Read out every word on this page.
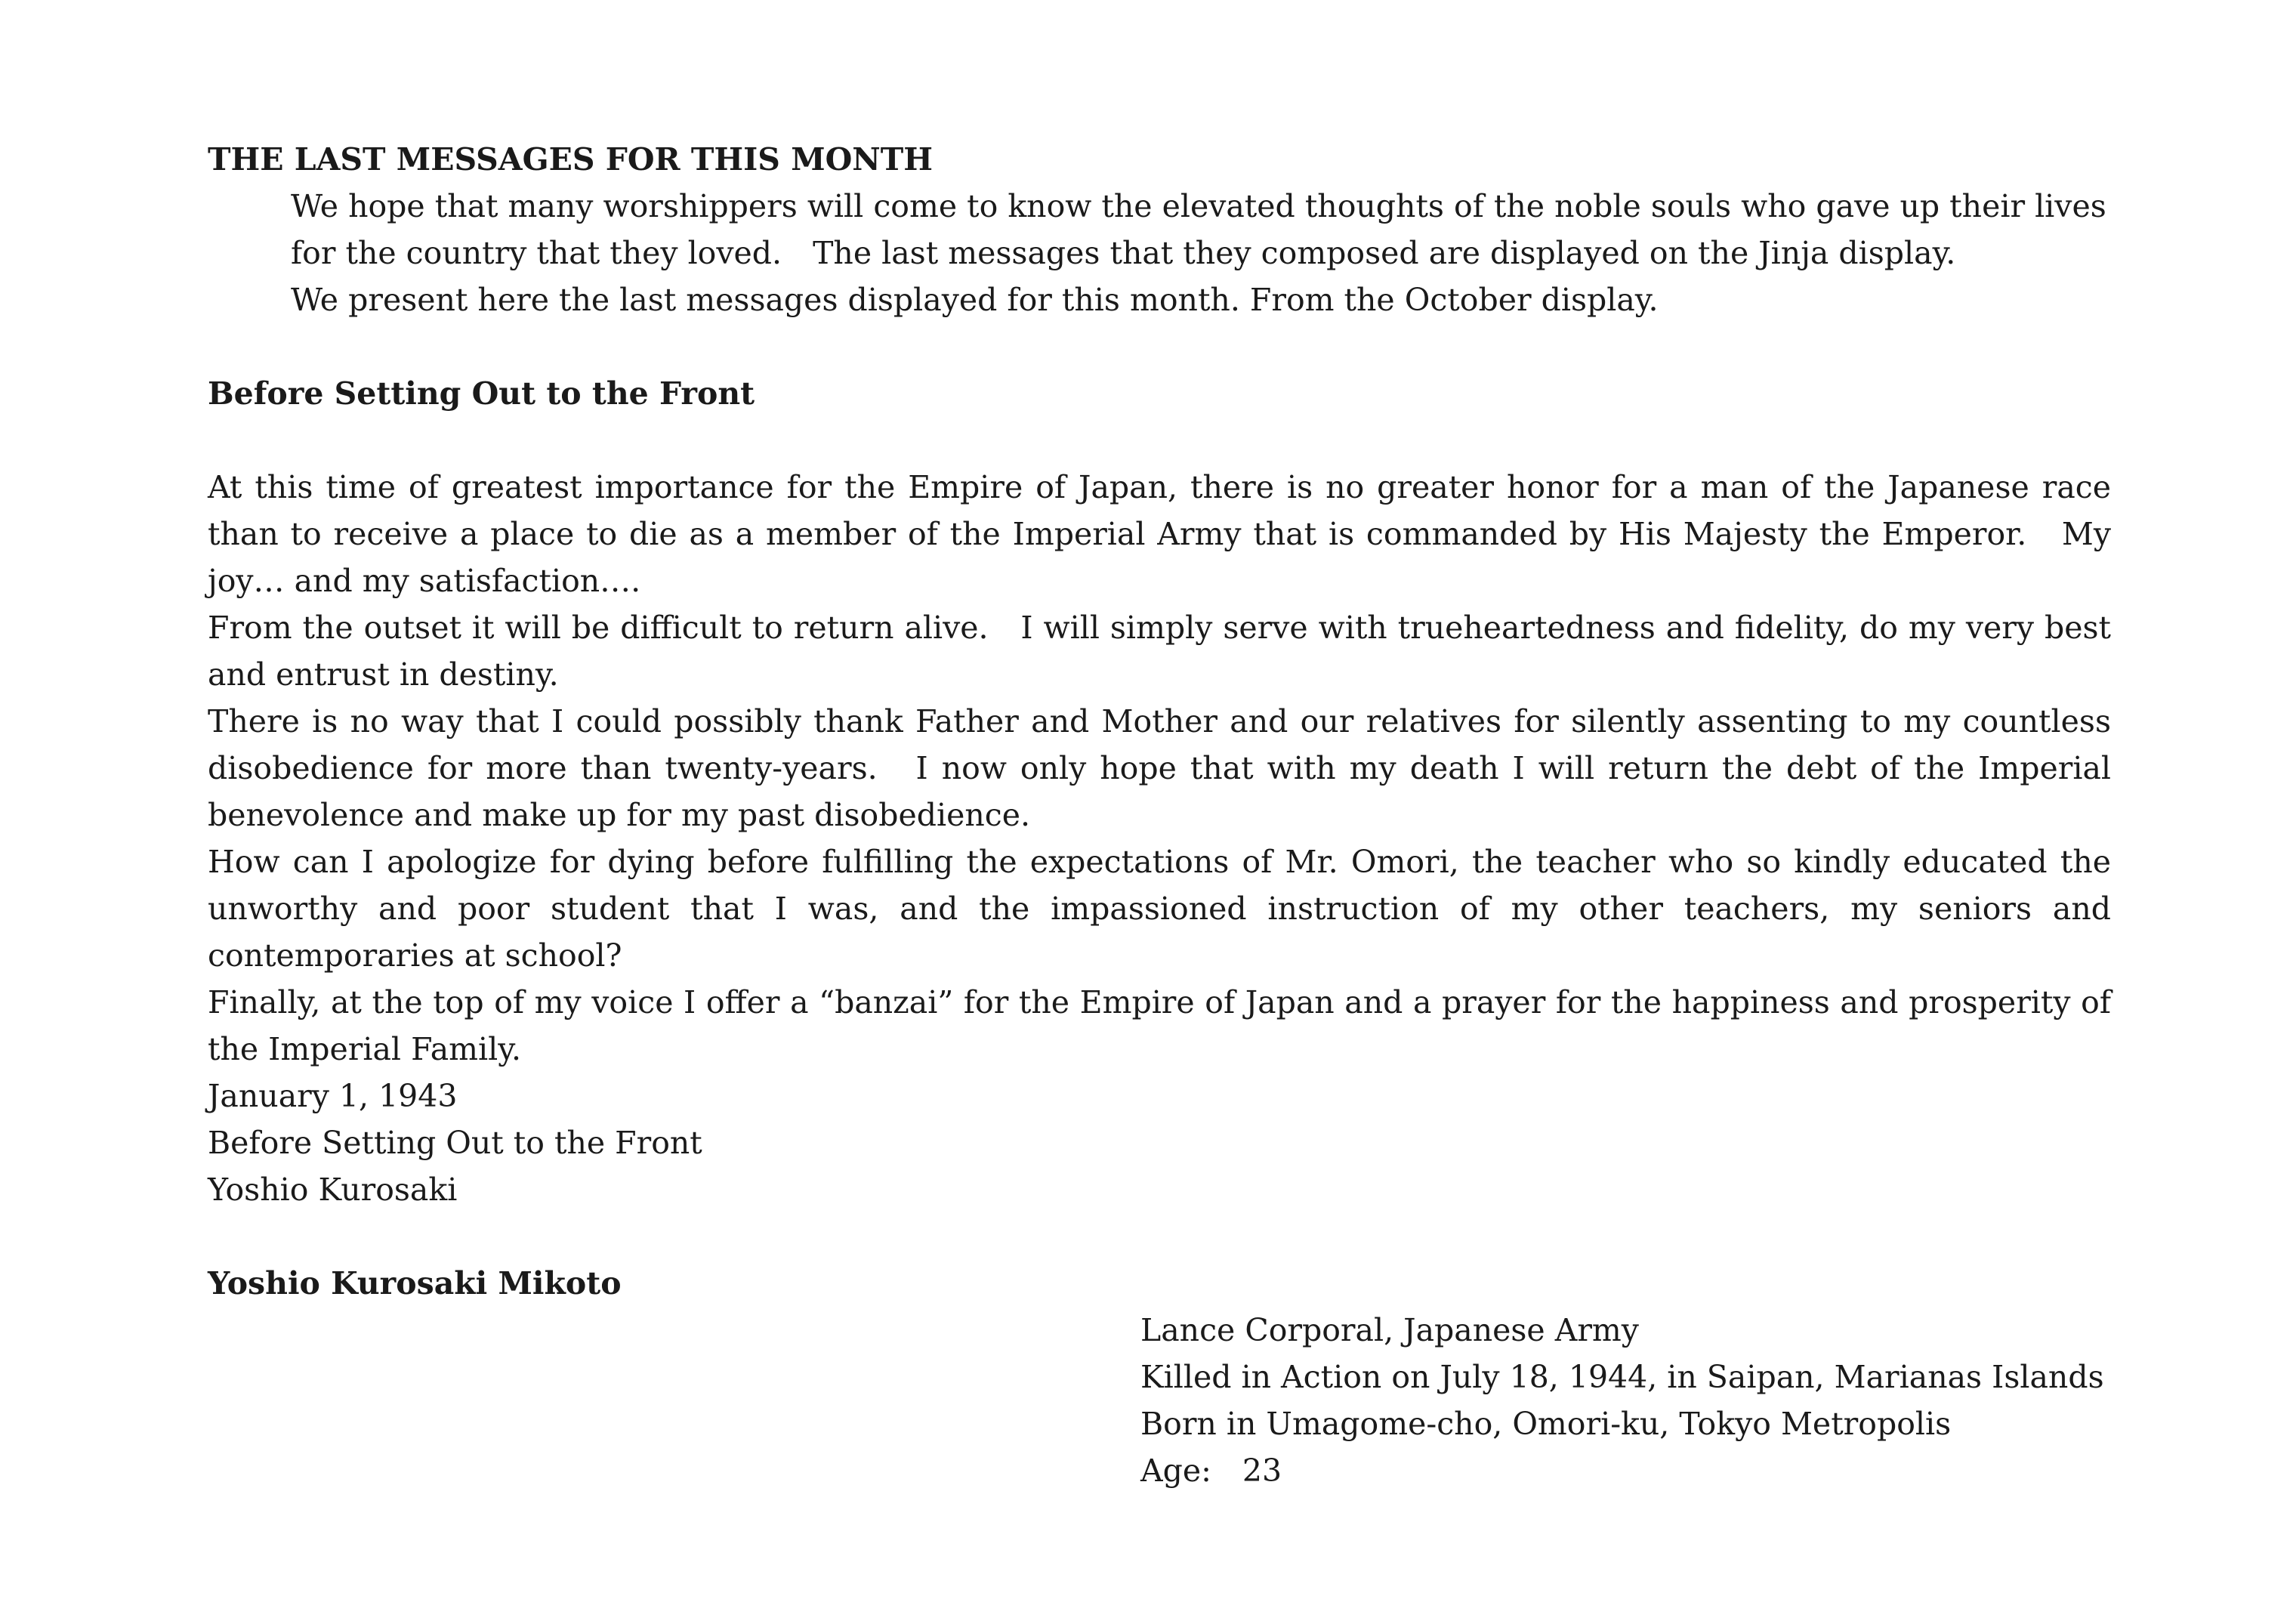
THE LAST MESSAGES FOR THIS MONTH

We hope that many worshippers will come to know the elevated thoughts of the noble souls who gave up their lives for the country that they loved.　The last messages that they composed are displayed on the Jinja display.

We present here the last messages displayed for this month. From the October display.

Before Setting Out to the Front

At this time of greatest importance for the Empire of Japan, there is no greater honor for a man of the Japanese race than to receive a place to die as a member of the Imperial Army that is commanded by His Majesty the Emperor.　My joy… and my satisfaction….

From the outset it will be difficult to return alive.　I will simply serve with trueheartedness and fidelity, do my very best and entrust in destiny.

There is no way that I could possibly thank Father and Mother and our relatives for silently assenting to my countless disobedience for more than twenty-years.　I now only hope that with my death I will return the debt of the Imperial benevolence and make up for my past disobedience.

How can I apologize for dying before fulfilling the expectations of Mr. Omori, the teacher who so kindly educated the unworthy and poor student that I was, and the impassioned instruction of my other teachers, my seniors and contemporaries at school?

Finally, at the top of my voice I offer a “banzai” for the Empire of Japan and a prayer for the happiness and prosperity of the Imperial Family.

January 1, 1943

Before Setting Out to the Front

Yoshio Kurosaki

Yoshio Kurosaki Mikoto

Lance Corporal, Japanese Army

Killed in Action on July 18, 1944, in Saipan, Marianas Islands

Born in Umagome-cho, Omori-ku, Tokyo Metropolis

Age:　23
